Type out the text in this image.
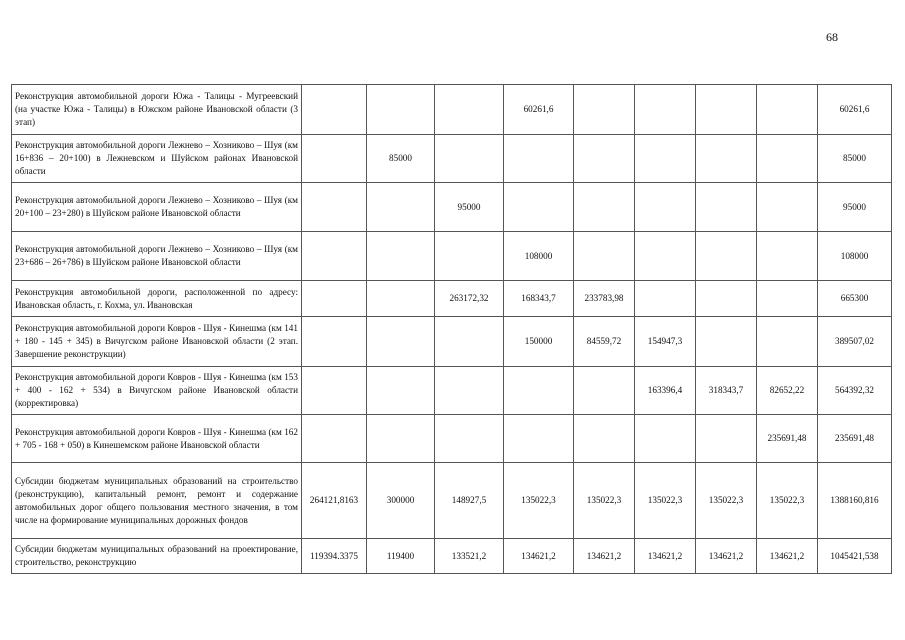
68
Реконструкция автомобильной дороги Южа - Талицы - Мугреевский (на участке Южа - Талицы) в Южском районе Ивановской области (3 этап)				60261,6					60261,6
Реконструкция автомобильной дороги Лежнево – Хозниково – Шуя (км 16+836 – 20+100) в Лежневском и Шуйском районах Ивановской области		85000							85000
Реконструкция автомобильной дороги Лежнево – Хозниково – Шуя (км 20+100 – 23+280) в Шуйском районе Ивановской области			95000						95000
Реконструкция автомобильной дороги Лежнево – Хозниково – Шуя (км 23+686 – 26+786) в Шуйском районе Ивановской области				108000					108000
Реконструкция автомобильной дороги, расположенной по адресу: Ивановская область, г. Кохма, ул. Ивановская			263172,32	168343,7	233783,98				665300
Реконструкция автомобильной дороги Ковров - Шуя - Кинешма (км 141 + 180 - 145 + 345) в Вичугском районе Ивановской области (2 этап. Завершение реконструкции)				150000	84559,72	154947,3			389507,02
Реконструкция автомобильной дороги Ковров - Шуя - Кинешма (км 153 + 400 - 162 + 534) в Вичугском районе Ивановской области (корректировка)						163396,4	318343,7	82652,22	564392,32
Реконструкция автомобильной дороги Ковров - Шуя - Кинешма (км 162 + 705 - 168 + 050) в Кинешемском районе Ивановской области								235691,48	235691,48
Субсидии бюджетам муниципальных образований на строительство (реконструкцию), капитальный ремонт, ремонт и содержание автомобильных дорог общего пользования местного значения, в том числе на формирование муниципальных дорожных фондов	264121,8163	300000	148927,5	135022,3	135022,3	135022,3	135022,3	135022,3	1388160,816
Субсидии бюджетам муниципальных образований на проектирование, строительство, реконструкцию	119394.3375	119400	133521,2	134621,2	134621,2	134621,2	134621,2	134621,2	1045421,538
